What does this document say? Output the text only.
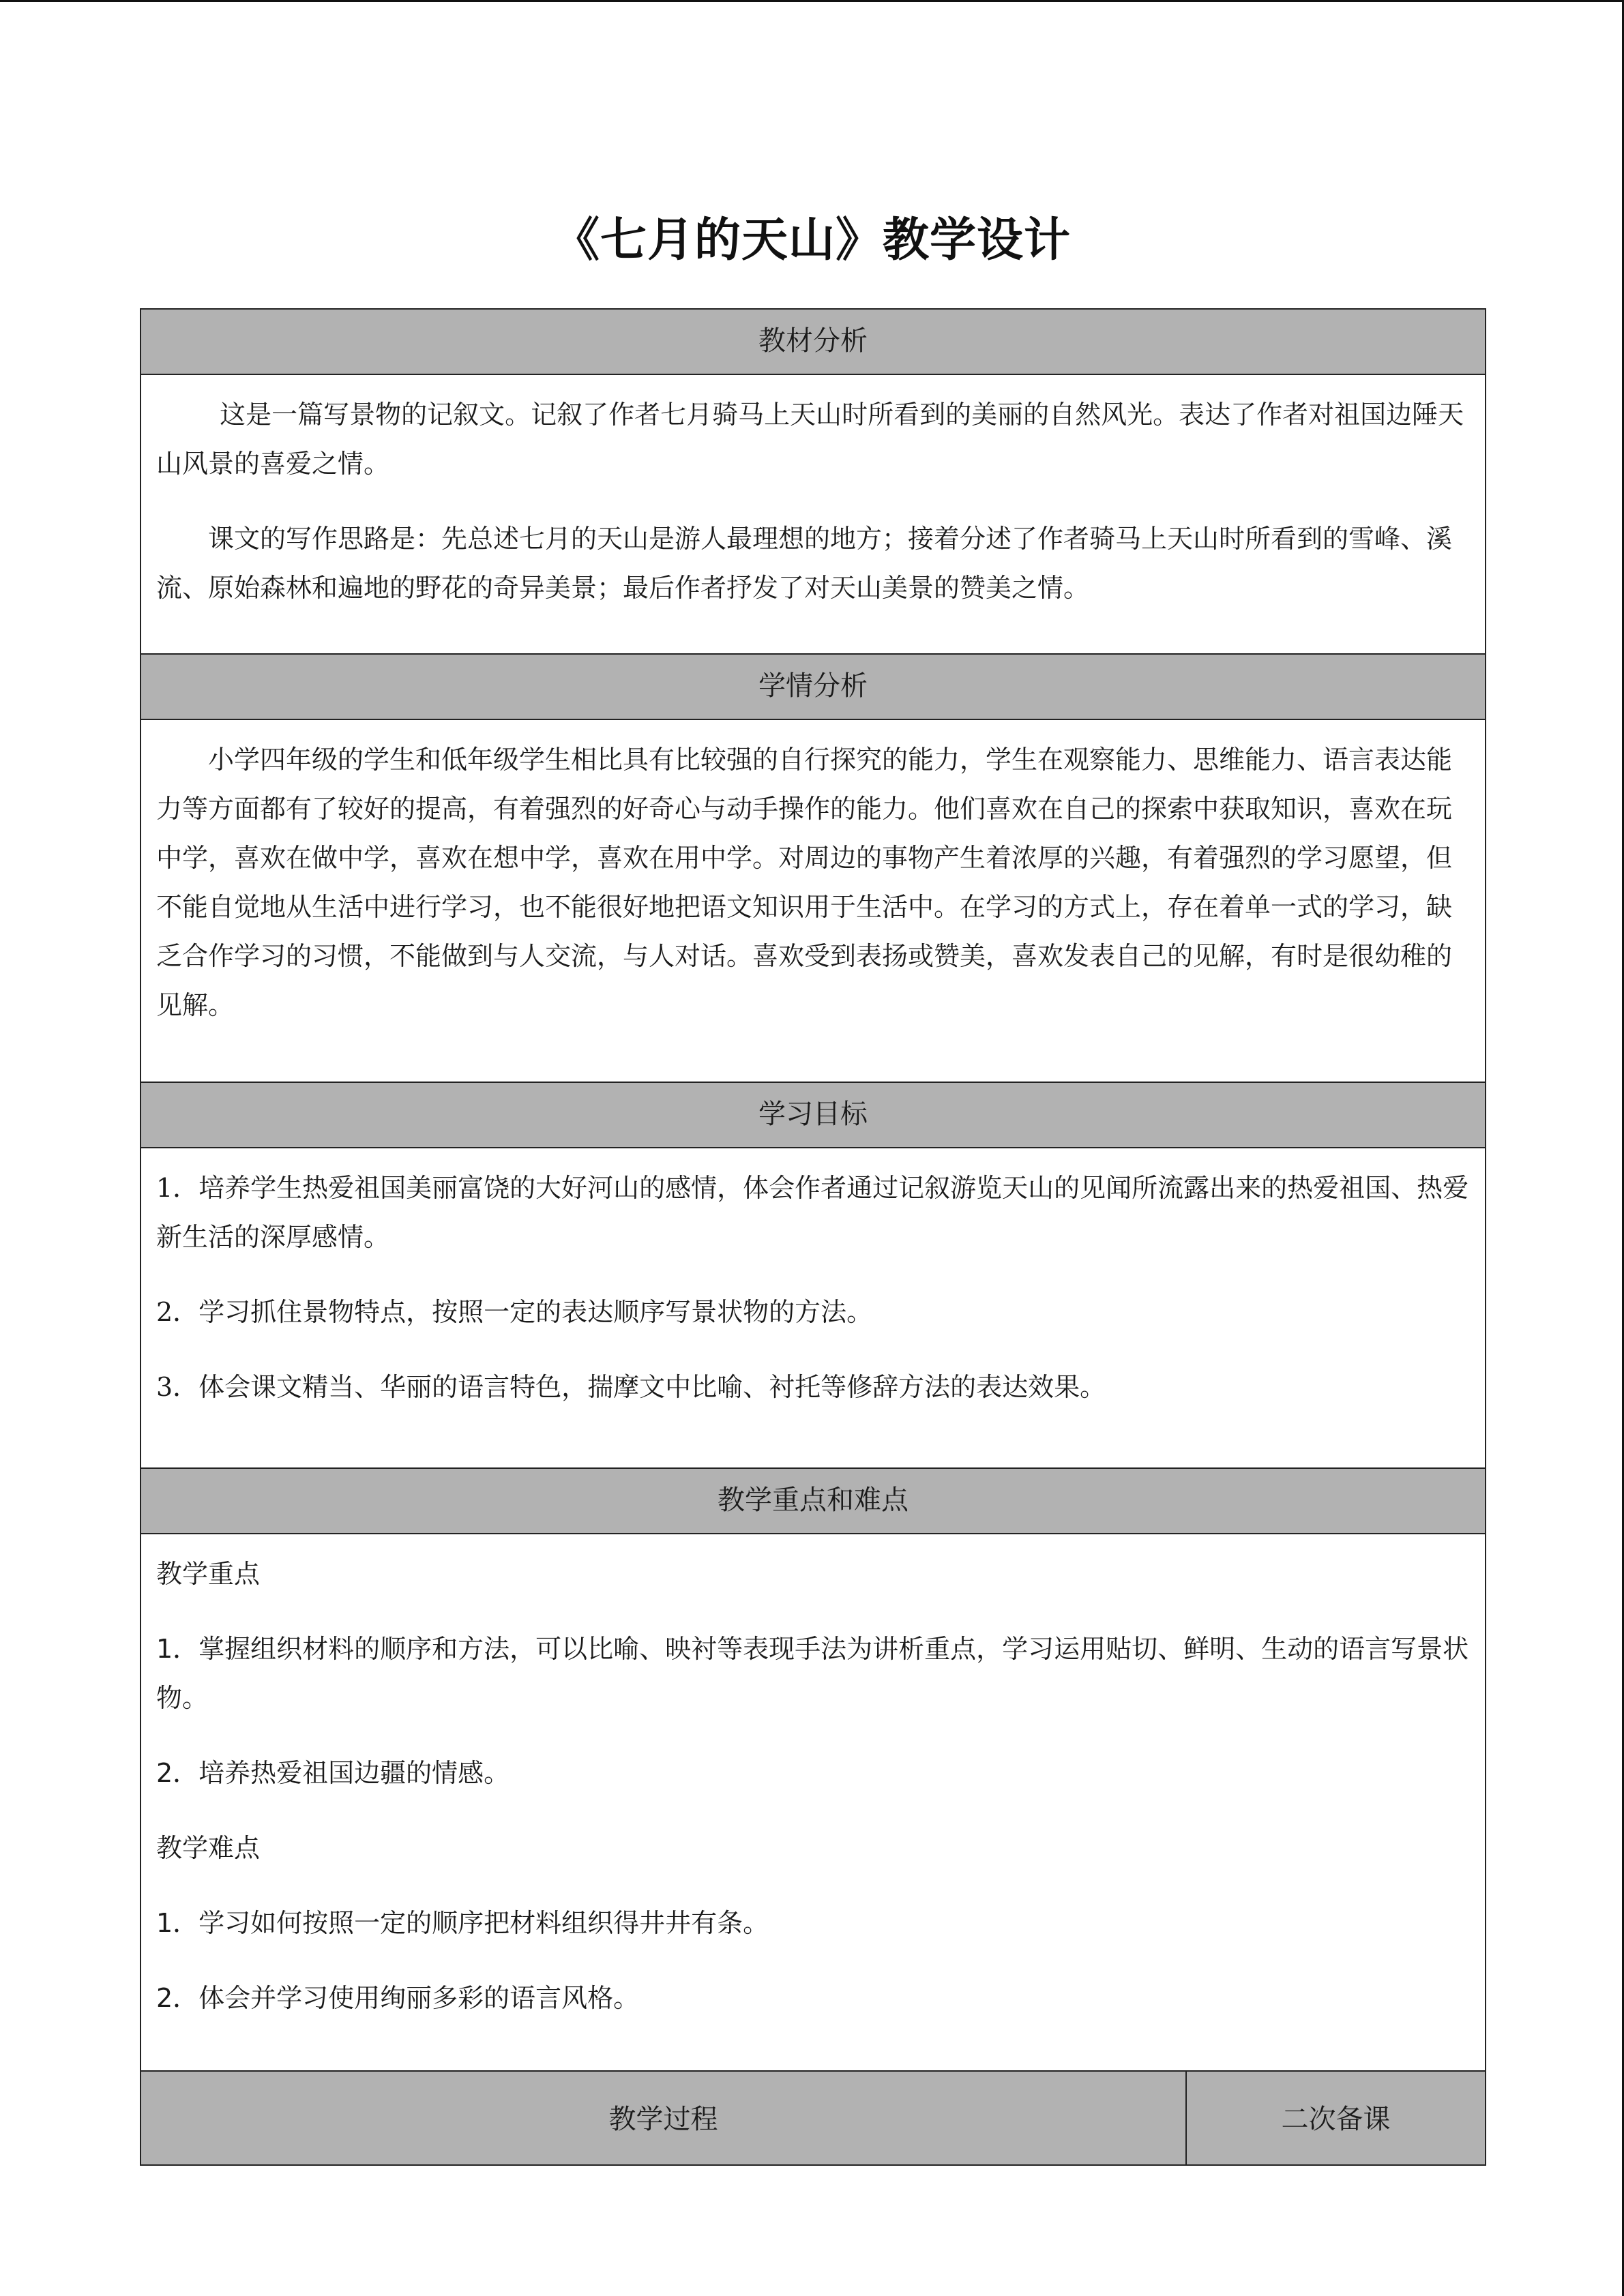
《七月的天山》教学设计
教材分析

这是一篇写景物的记叙文。记叙了作者七月骑马上天山时所看到的美丽的自然风光。表达了作者对祖国边陲天山风景的喜爱之情。

课文的写作思路是：先总述七月的天山是游人最理想的地方；接着分述了作者骑马上天山时所看到的雪峰、溪流、原始森林和遍地的野花的奇异美景；最后作者抒发了对天山美景的赞美之情。

学情分析

小学四年级的学生和低年级学生相比具有比较强的自行探究的能力，学生在观察能力、思维能力、语言表达能力等方面都有了较好的提高，有着强烈的好奇心与动手操作的能力。他们喜欢在自己的探索中获取知识，喜欢在玩中学，喜欢在做中学，喜欢在想中学，喜欢在用中学。对周边的事物产生着浓厚的兴趣，有着强烈的学习愿望，但不能自觉地从生活中进行学习，也不能很好地把语文知识用于生活中。在学习的方式上，存在着单一式的学习，缺乏合作学习的习惯，不能做到与人交流，与人对话。喜欢受到表扬或赞美，喜欢发表自己的见解，有时是很幼稚的见解。

学习目标

1．培养学生热爱祖国美丽富饶的大好河山的感情，体会作者通过记叙游览天山的见闻所流露出来的热爱祖国、热爱新生活的深厚感情。

2．学习抓住景物特点，按照一定的表达顺序写景状物的方法。

3．体会课文精当、华丽的语言特色，揣摩文中比喻、衬托等修辞方法的表达效果。

教学重点和难点

教学重点

1．掌握组织材料的顺序和方法，可以比喻、映衬等表现手法为讲析重点，学习运用贴切、鲜明、生动的语言写景状物。

2．培养热爱祖国边疆的情感。

教学难点

1．学习如何按照一定的顺序把材料组织得井井有条。

2．体会并学习使用绚丽多彩的语言风格。

教学过程	二次备课
